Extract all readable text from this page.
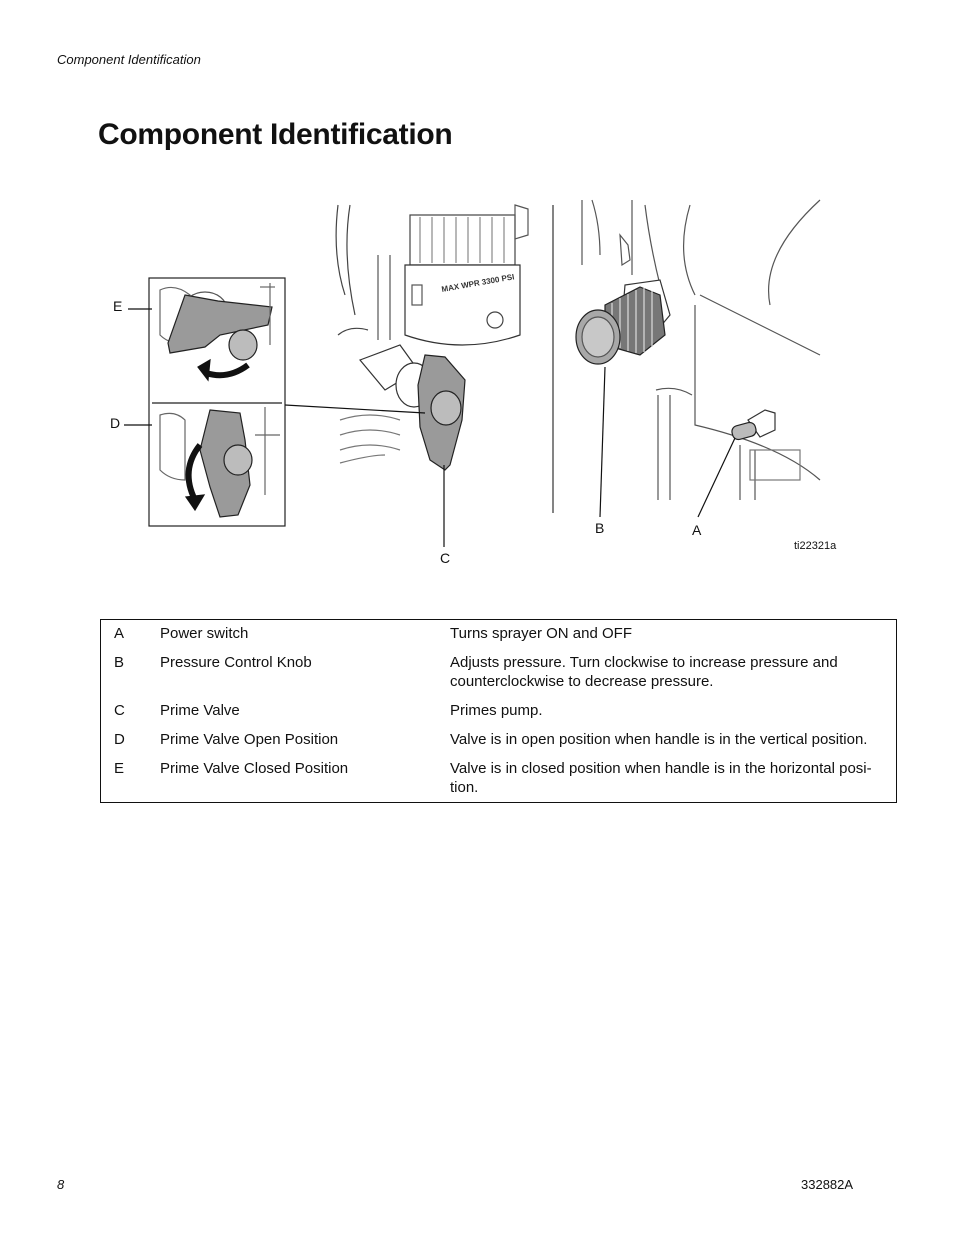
Component Identification
Component Identification
MAX WPR 3300 PSI
E
D
C
B	A
ti22321a
A	Power switch	Turns sprayer ON and OFF
B	Pressure Control Knob	Adjusts pressure. Turn clockwise to increase pressure and counterclockwise to decrease pressure.
C	Prime Valve	Primes pump.
D	Prime Valve Open Position	Valve is in open position when handle is in the vertical position.
E	Prime Valve Closed Position	Valve is in closed position when handle is in the horizontal posi-tion.
8	332882A
